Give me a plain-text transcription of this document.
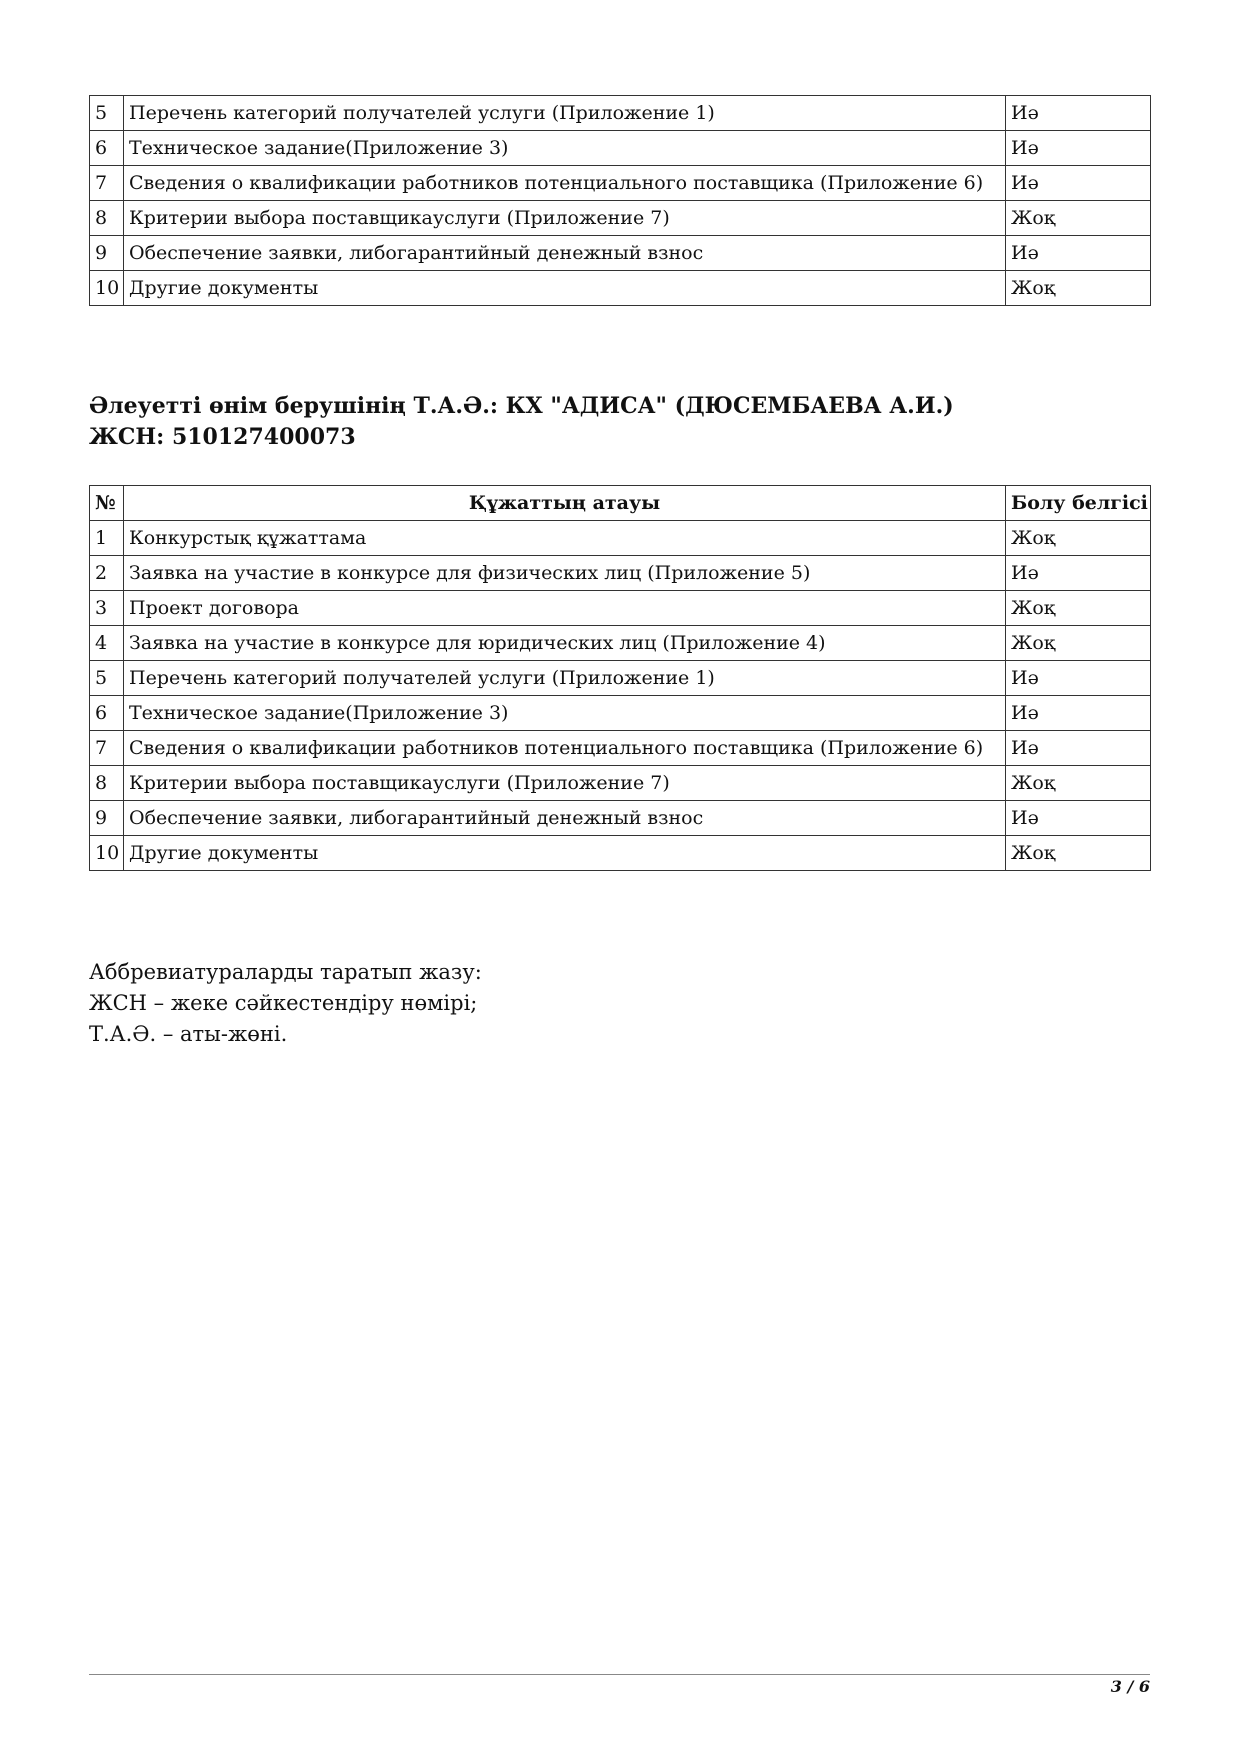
5	Перечень категорий получателей услуги (Приложение 1)	Иә
6	Техническое задание(Приложение 3)	Иә
7	Сведения о квалификации работников потенциального поставщика (Приложение 6)	Иә
8	Критерии выбора поставщикауслуги (Приложение 7)	Жоқ
9	Обеспечение заявки, либогарантийный денежный взнос	Иә
10	Другие документы	Жоқ

Әлеуетті өнім берушінің Т.А.Ә.: КХ "АДИСА" (ДЮСЕМБАЕВА А.И.)

ЖСН: 510127400073

№	Құжаттың атауы	Болу белгісі
1	Конкурстық құжаттама	Жоқ
2	Заявка на участие в конкурсе для физических лиц (Приложение 5)	Иә
3	Проект договора	Жоқ
4	Заявка на участие в конкурсе для юридических лиц (Приложение 4)	Жоқ
5	Перечень категорий получателей услуги (Приложение 1)	Иә
6	Техническое задание(Приложение 3)	Иә
7	Сведения о квалификации работников потенциального поставщика (Приложение 6)	Иә
8	Критерии выбора поставщикауслуги (Приложение 7)	Жоқ
9	Обеспечение заявки, либогарантийный денежный взнос	Иә
10	Другие документы	Жоқ

Аббревиатураларды таратып жазу:

ЖСН – жеке сәйкестендіру нөмірі;

Т.А.Ә. – аты-жөні.

3 / 6
